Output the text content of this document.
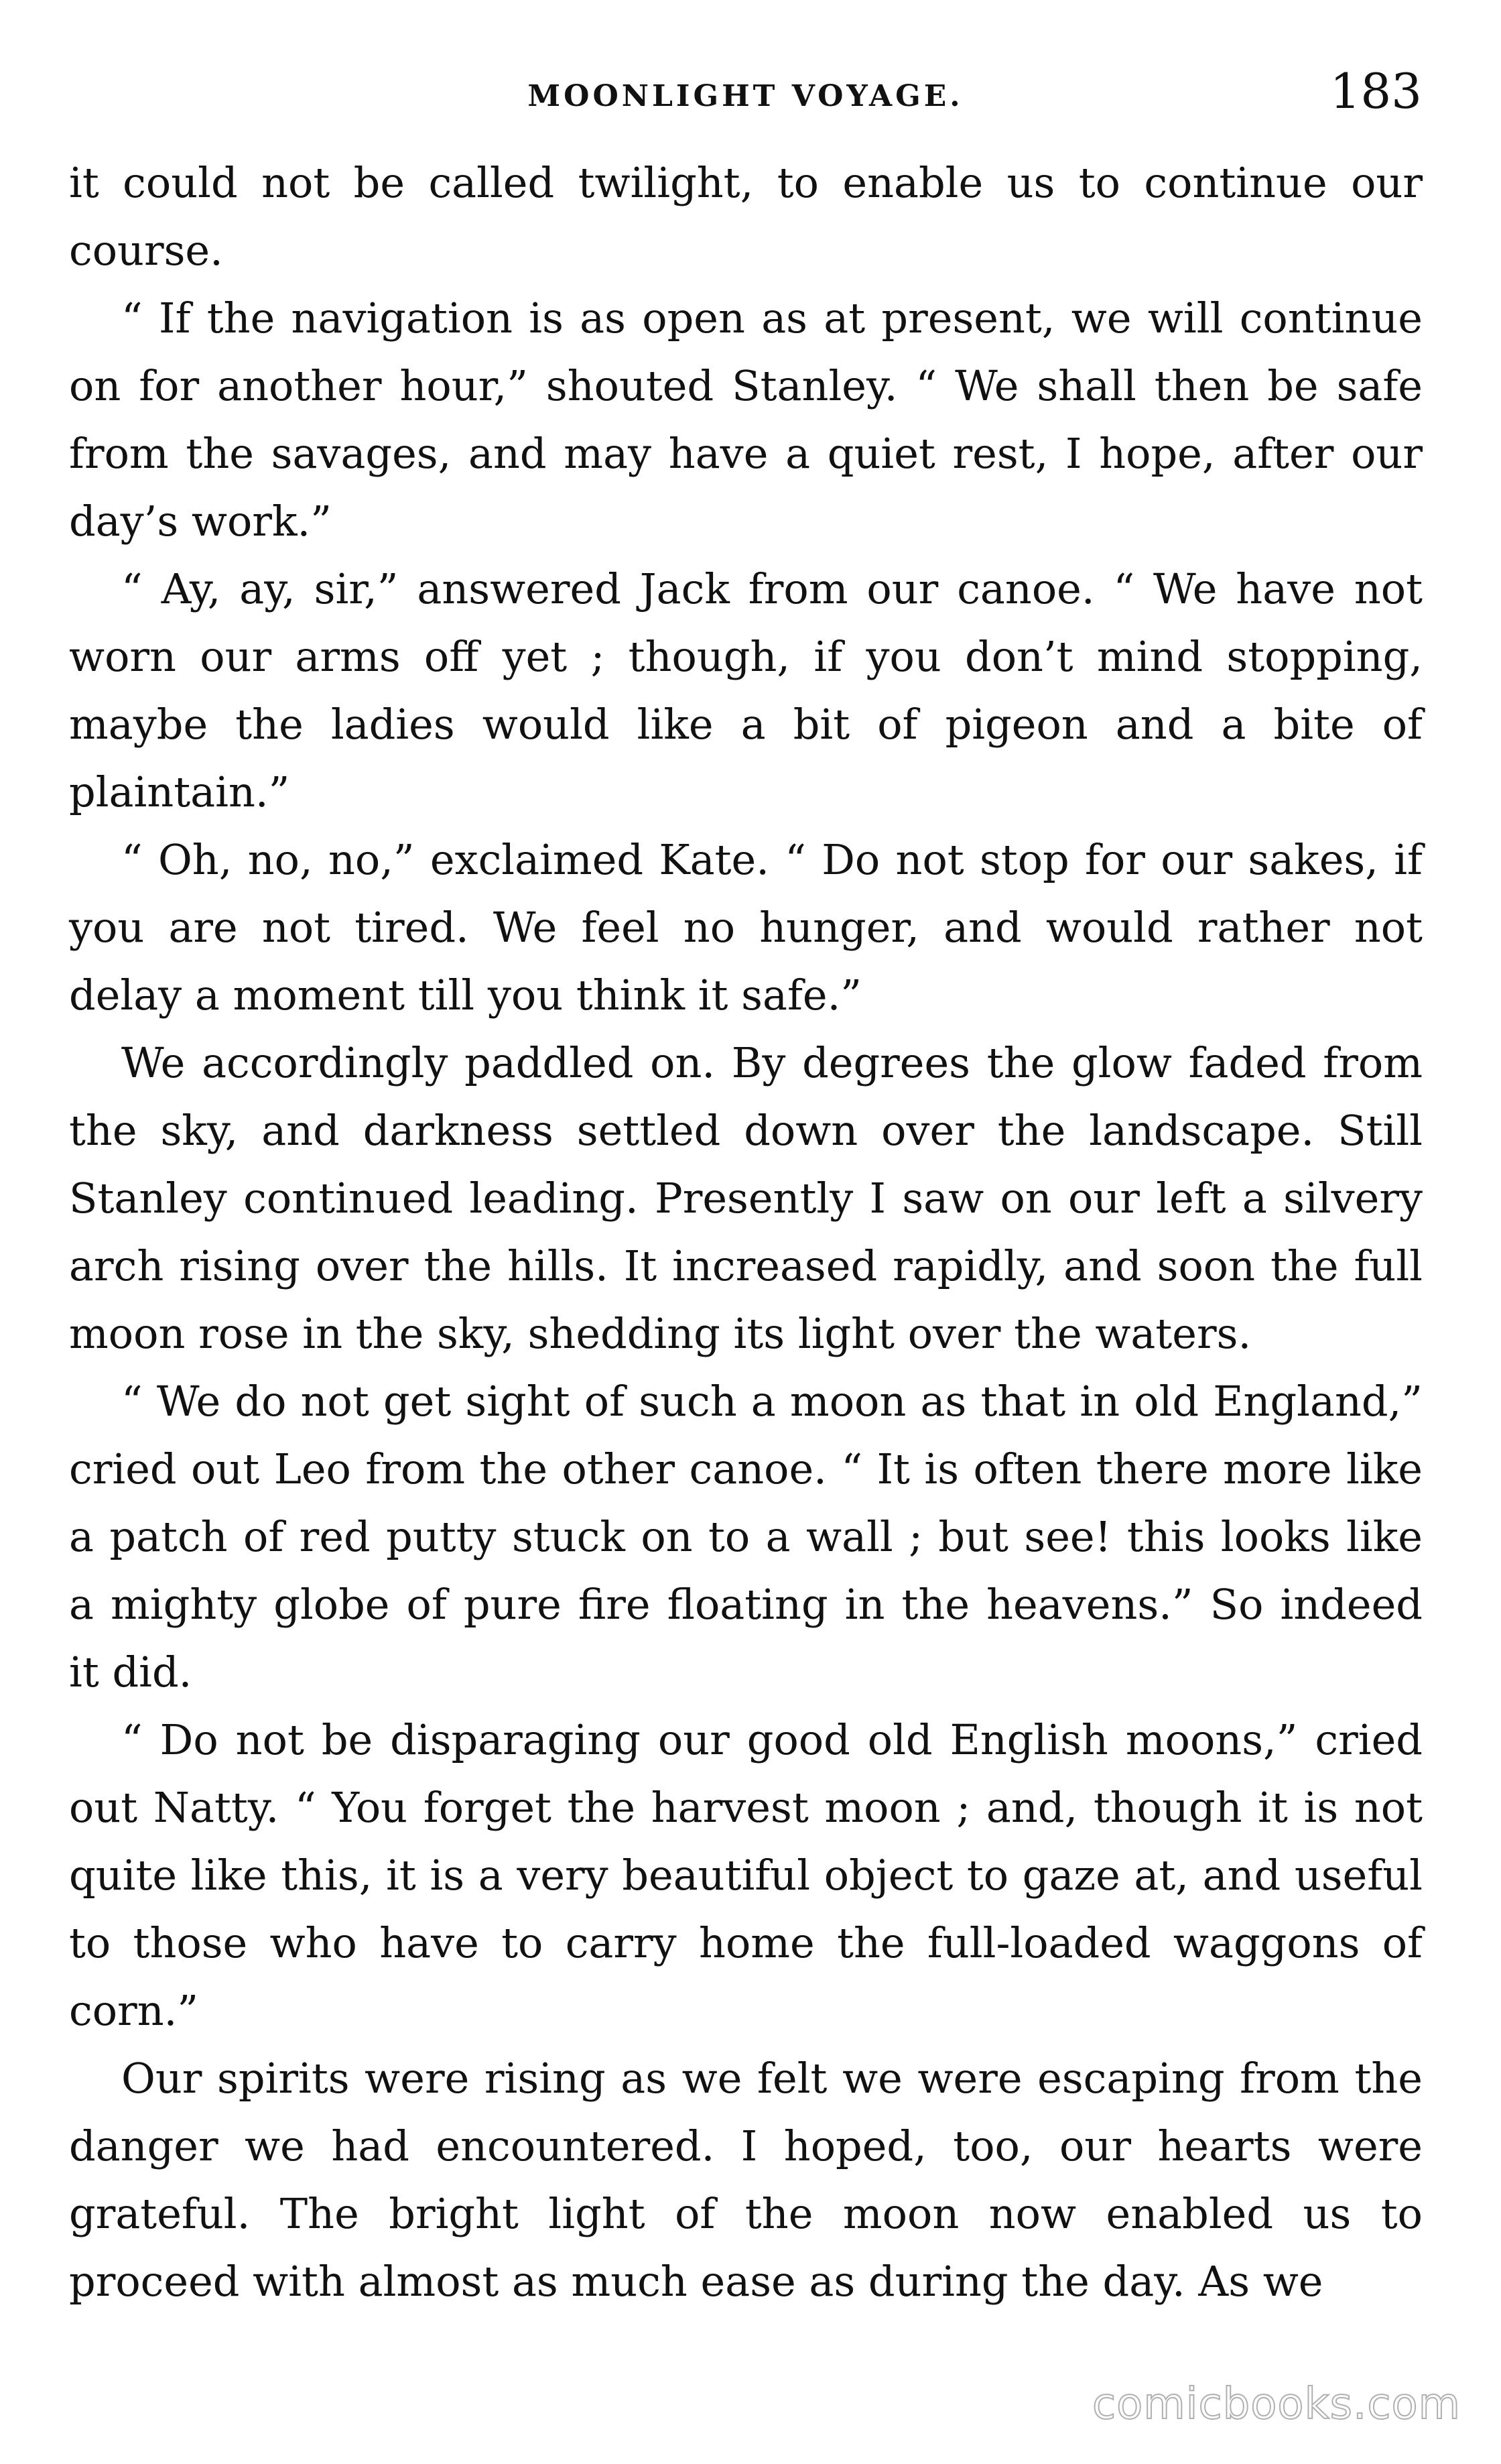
MOONLIGHT VOYAGE.	183

it could not be called twilight, to enable us to continue our course.

“ If the navigation is as open as at present, we will continue on for another hour,” shouted Stanley. “ We shall then be safe from the savages, and may have a quiet rest, I hope, after our day’s work.”

“ Ay, ay, sir,” answered Jack from our canoe. “ We have not worn our arms off yet ; though, if you don’t mind stopping, maybe the ladies would like a bit of pigeon and a bite of plaintain.”

“ Oh, no, no,” exclaimed Kate. “ Do not stop for our sakes, if you are not tired. We feel no hunger, and would rather not delay a moment till you think it safe.”

We accordingly paddled on. By degrees the glow faded from the sky, and darkness settled down over the landscape. Still Stanley continued leading. Presently I saw on our left a silvery arch rising over the hills. It increased rapidly, and soon the full moon rose in the sky, shedding its light over the waters.

“ We do not get sight of such a moon as that in old England,” cried out Leo from the other canoe. “ It is often there more like a patch of red putty stuck on to a wall ; but see! this looks like a mighty globe of pure fire floating in the heavens.” So indeed it did.

“ Do not be disparaging our good old English moons,” cried out Natty. “ You forget the harvest moon ; and, though it is not quite like this, it is a very beautiful object to gaze at, and useful to those who have to carry home the full-loaded waggons of corn.”

Our spirits were rising as we felt we were escaping from the danger we had encountered. I hoped, too, our hearts were grateful. The bright light of the moon now enabled us to proceed with almost as much ease as during the day. As we

comicbooks.com
